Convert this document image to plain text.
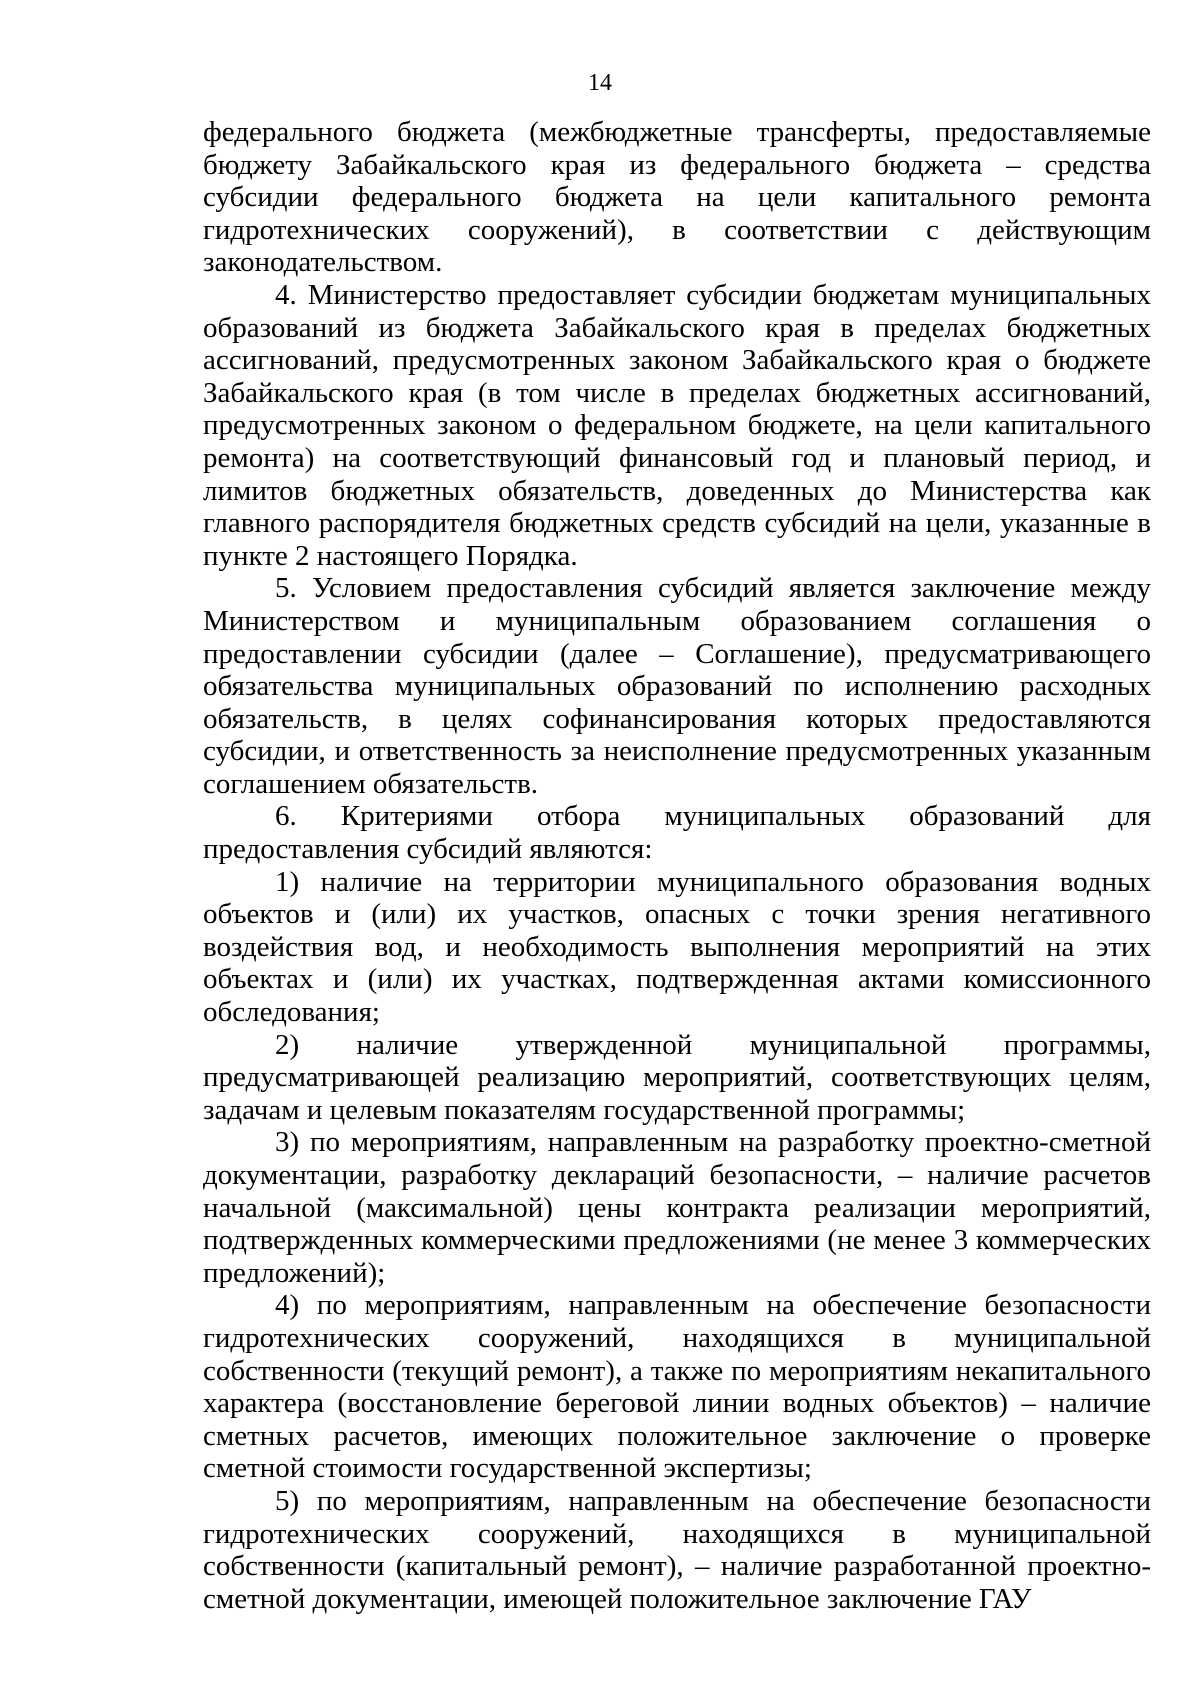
14

федерального бюджета (межбюджетные трансферты, предоставляемые бюджету Забайкальского края из федерального бюджета – средства субсидии федерального бюджета на цели капитального ремонта гидротехнических сооружений), в соответствии с действующим законодательством.

4. Министерство предоставляет субсидии бюджетам муниципальных образований из бюджета Забайкальского края в пределах бюджетных ассигнований, предусмотренных законом Забайкальского края о бюджете Забайкальского края (в том числе в пределах бюджетных ассигнований, предусмотренных законом о федеральном бюджете, на цели капитального ремонта) на соответствующий финансовый год и плановый период, и лимитов бюджетных обязательств, доведенных до Министерства как главного распорядителя бюджетных средств субсидий на цели, указанные в пункте 2 настоящего Порядка.

5. Условием предоставления субсидий является заключение между Министерством и муниципальным образованием соглашения о предоставлении субсидии (далее – Соглашение), предусматривающего обязательства муниципальных образований по исполнению расходных обязательств, в целях софинансирования которых предоставляются субсидии, и ответственность за неисполнение предусмотренных указанным соглашением обязательств.

6. Критериями отбора муниципальных образований для предоставления субсидий являются:

1) наличие на территории муниципального образования водных объектов и (или) их участков, опасных с точки зрения негативного воздействия вод, и необходимость выполнения мероприятий на этих объектах и (или) их участках, подтвержденная актами комиссионного обследования;

2) наличие утвержденной муниципальной программы, предусматривающей реализацию мероприятий, соответствующих целям, задачам и целевым показателям государственной программы;

3) по мероприятиям, направленным на разработку проектно-сметной документации, разработку деклараций безопасности, – наличие расчетов начальной (максимальной) цены контракта реализации мероприятий, подтвержденных коммерческими предложениями (не менее 3 коммерческих предложений);

4) по мероприятиям, направленным на обеспечение безопасности гидротехнических сооружений, находящихся в муниципальной собственности (текущий ремонт), а также по мероприятиям некапитального характера (восстановление береговой линии водных объектов) – наличие сметных расчетов, имеющих положительное заключение о проверке сметной стоимости государственной экспертизы;

5) по мероприятиям, направленным на обеспечение безопасности гидротехнических сооружений, находящихся в муниципальной собственности (капитальный ремонт), – наличие разработанной проектно-сметной документации, имеющей положительное заключение ГАУ
